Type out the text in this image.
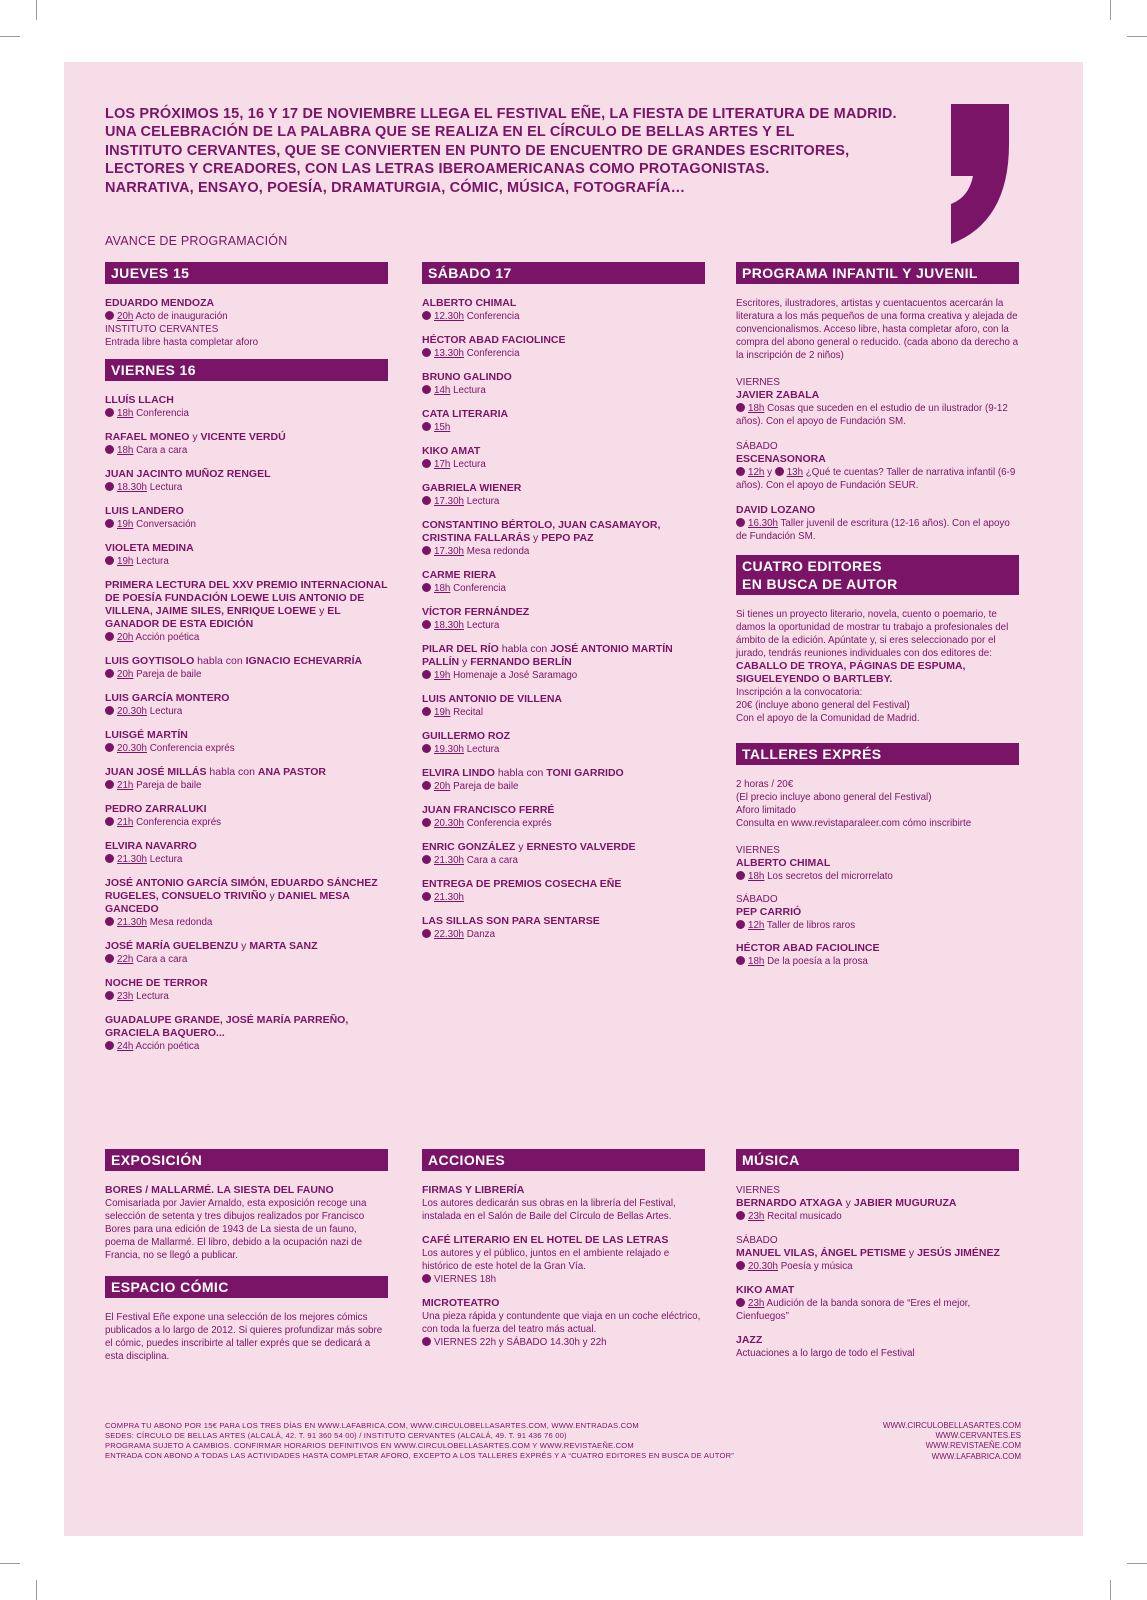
LOS PRÓXIMOS 15, 16 Y 17 DE NOVIEMBRE LLEGA EL FESTIVAL EÑE, LA FIESTA DE LITERATURA DE MADRID.
UNA CELEBRACIÓN DE LA PALABRA QUE SE REALIZA EN EL CÍRCULO DE BELLAS ARTES Y EL
INSTITUTO CERVANTES, QUE SE CONVIERTEN EN PUNTO DE ENCUENTRO DE GRANDES ESCRITORES,
LECTORES Y CREADORES, CON LAS LETRAS IBEROAMERICANAS COMO PROTAGONISTAS.
NARRATIVA, ENSAYO, POESÍA, DRAMATURGIA, CÓMIC, MÚSICA, FOTOGRAFÍA…

AVANCE DE PROGRAMACIÓN

JUEVES 15
EDUARDO MENDOZA
20h Acto de inauguración
INSTITUTO CERVANTES
Entrada libre hasta completar aforo
VIERNES 16
LLUÍS LLACH
18h Conferencia
RAFAEL MONEO y VICENTE VERDÚ
18h Cara a cara
JUAN JACINTO MUÑOZ RENGEL
18.30h Lectura
LUIS LANDERO
19h Conversación
VIOLETA MEDINA
19h Lectura
PRIMERA LECTURA DEL XXV PREMIO INTERNACIONAL DE POESÍA FUNDACIÓN LOEWE LUIS ANTONIO DE VILLENA, JAIME SILES, ENRIQUE LOEWE y EL GANADOR DE ESTA EDICIÓN
20h Acción poética
LUIS GOYTISOLO habla con IGNACIO ECHEVARRÍA
20h Pareja de baile
LUIS GARCÍA MONTERO
20.30h Lectura
LUISGÉ MARTÍN
20.30h Conferencia exprés
JUAN JOSÉ MILLÁS habla con ANA PASTOR
21h Pareja de baile
PEDRO ZARRALUKI
21h Conferencia exprés
ELVIRA NAVARRO
21.30h Lectura
JOSÉ ANTONIO GARCÍA SIMÓN, EDUARDO SÁNCHEZ RUGELES, CONSUELO TRIVIÑO y DANIEL MESA GANCEDO
21.30h Mesa redonda
JOSÉ MARÍA GUELBENZU y MARTA SANZ
22h Cara a cara
NOCHE DE TERROR
23h Lectura
GUADALUPE GRANDE, JOSÉ MARÍA PARREÑO, GRACIELA BAQUERO...
24h Acción poética
SÁBADO 17
ALBERTO CHIMAL
12.30h Conferencia
HÉCTOR ABAD FACIOLINCE
13.30h Conferencia
BRUNO GALINDO
14h Lectura
CATA LITERARIA
15h
KIKO AMAT
17h Lectura
GABRIELA WIENER
17.30h Lectura
CONSTANTINO BÉRTOLO, JUAN CASAMAYOR, CRISTINA FALLARÁS y PEPO PAZ
17.30h Mesa redonda
CARME RIERA
18h Conferencia
VÍCTOR FERNÁNDEZ
18.30h Lectura
PILAR DEL RÍO habla con JOSÉ ANTONIO MARTÍN PALLÍN y FERNANDO BERLÍN
19h Homenaje a José Saramago
LUIS ANTONIO DE VILLENA
19h Recital
GUILLERMO ROZ
19.30h Lectura
ELVIRA LINDO habla con TONI GARRIDO
20h Pareja de baile
JUAN FRANCISCO FERRÉ
20.30h Conferencia exprés
ENRIC GONZÁLEZ y ERNESTO VALVERDE
21.30h Cara a cara
ENTREGA DE PREMIOS COSECHA EÑE
21.30h
LAS SILLAS SON PARA SENTARSE
22.30h Danza
PROGRAMA INFANTIL Y JUVENIL

Escritores, ilustradores, artistas y cuentacuentos acercarán la literatura a los más pequeños de una forma creativa y alejada de convencionalismos. Acceso libre, hasta completar aforo, con la compra del abono general o reducido. (cada abono da derecho a la inscripción de 2 niños)

VIERNES
JAVIER ZABALA
18h Cosas que suceden en el estudio de un ilustrador (9-12 años). Con el apoyo de Fundación SM.
SÁBADO
ESCENASONORA
12h y 13h ¿Qué te cuentas? Taller de narrativa infantil (6-9 años). Con el apoyo de Fundación SEUR.
DAVID LOZANO
16.30h Taller juvenil de escritura (12-16 años). Con el apoyo de Fundación SM.
CUATRO EDITORES
EN BUSCA DE AUTOR
Si tienes un proyecto literario, novela, cuento o poemario, te damos la oportunidad de mostrar tu trabajo a profesionales del ámbito de la edición. Apúntate y, si eres seleccionado por el jurado, tendrás reuniones individuales con dos editores de: CABALLO DE TROYA, PÁGINAS DE ESPUMA, SIGUELEYENDO O BARTLEBY.
Inscripción a la convocatoria:
20€ (incluye abono general del Festival)
Con el apoyo de la Comunidad de Madrid.
TALLERES EXPRÉS
2 horas / 20€
(El precio incluye abono general del Festival)
Aforo limitado
Consulta en www.revistaparaleer.com cómo inscribirte
VIERNES
ALBERTO CHIMAL
18h Los secretos del microrrelato
SÁBADO
PEP CARRIÓ
12h Taller de libros raros
HÉCTOR ABAD FACIOLINCE
18h De la poesía a la prosa
EXPOSICIÓN
BORES / MALLARMÉ. LA SIESTA DEL FAUNO

Comisariada por Javier Arnaldo, esta exposición recoge una selección de setenta y tres dibujos realizados por Francisco Bores para una edición de 1943 de La siesta de un fauno, poema de Mallarmé. El libro, debido a la ocupación nazi de Francia, no se llegó a publicar.

ESPACIO CÓMIC

El Festival Eñe expone una selección de los mejores cómics publicados a lo largo de 2012. Si quieres profundizar más sobre el cómic, puedes inscribirte al taller exprés que se dedicará a esta disciplina.

ACCIONES
FIRMAS Y LIBRERÍA
Los autores dedicarán sus obras en la librería del Festival, instalada en el Salón de Baile del Círculo de Bellas Artes.
CAFÉ LITERARIO EN EL HOTEL DE LAS LETRAS
Los autores y el público, juntos en el ambiente relajado e histórico de este hotel de la Gran Vía.
VIERNES 18h
MICROTEATRO
Una pieza rápida y contundente que viaja en un coche eléctrico, con toda la fuerza del teatro más actual.
VIERNES 22h y SÁBADO 14.30h y 22h
MÚSICA
VIERNES
BERNARDO ATXAGA y JABIER MUGURUZA
23h Recital musicado
SÁBADO
MANUEL VILAS, ÁNGEL PETISME y JESÚS JIMÉNEZ
20.30h Poesía y música
KIKO AMAT
23h Audición de la banda sonora de “Eres el mejor, Cienfuegos”
JAZZ
Actuaciones a lo largo de todo el Festival
COMPRA TU ABONO POR 15€ PARA LOS TRES DÍAS EN WWW.LAFABRICA.COM, WWW.CIRCULOBELLASARTES.COM, WWW.ENTRADAS.COM
SEDES: CÍRCULO DE BELLAS ARTES (ALCALÁ, 42. T. 91 360 54 00) / INSTITUTO CERVANTES (ALCALÁ, 49. T. 91 436 76 00)
PROGRAMA SUJETO A CAMBIOS. CONFIRMAR HORARIOS DEFINITIVOS EN WWW.CIRCULOBELLASARTES.COM Y WWW.REVISTAEÑE.COM
ENTRADA CON ABONO A TODAS LAS ACTIVIDADES HASTA COMPLETAR AFORO, EXCEPTO A LOS TALLERES EXPRÉS Y A “CUATRO EDITORES EN BUSCA DE AUTOR”
WWW.CIRCULOBELLASARTES.COM
WWW.CERVANTES.ES
WWW.REVISTAEÑE.COM
WWW.LAFABRICA.COM
